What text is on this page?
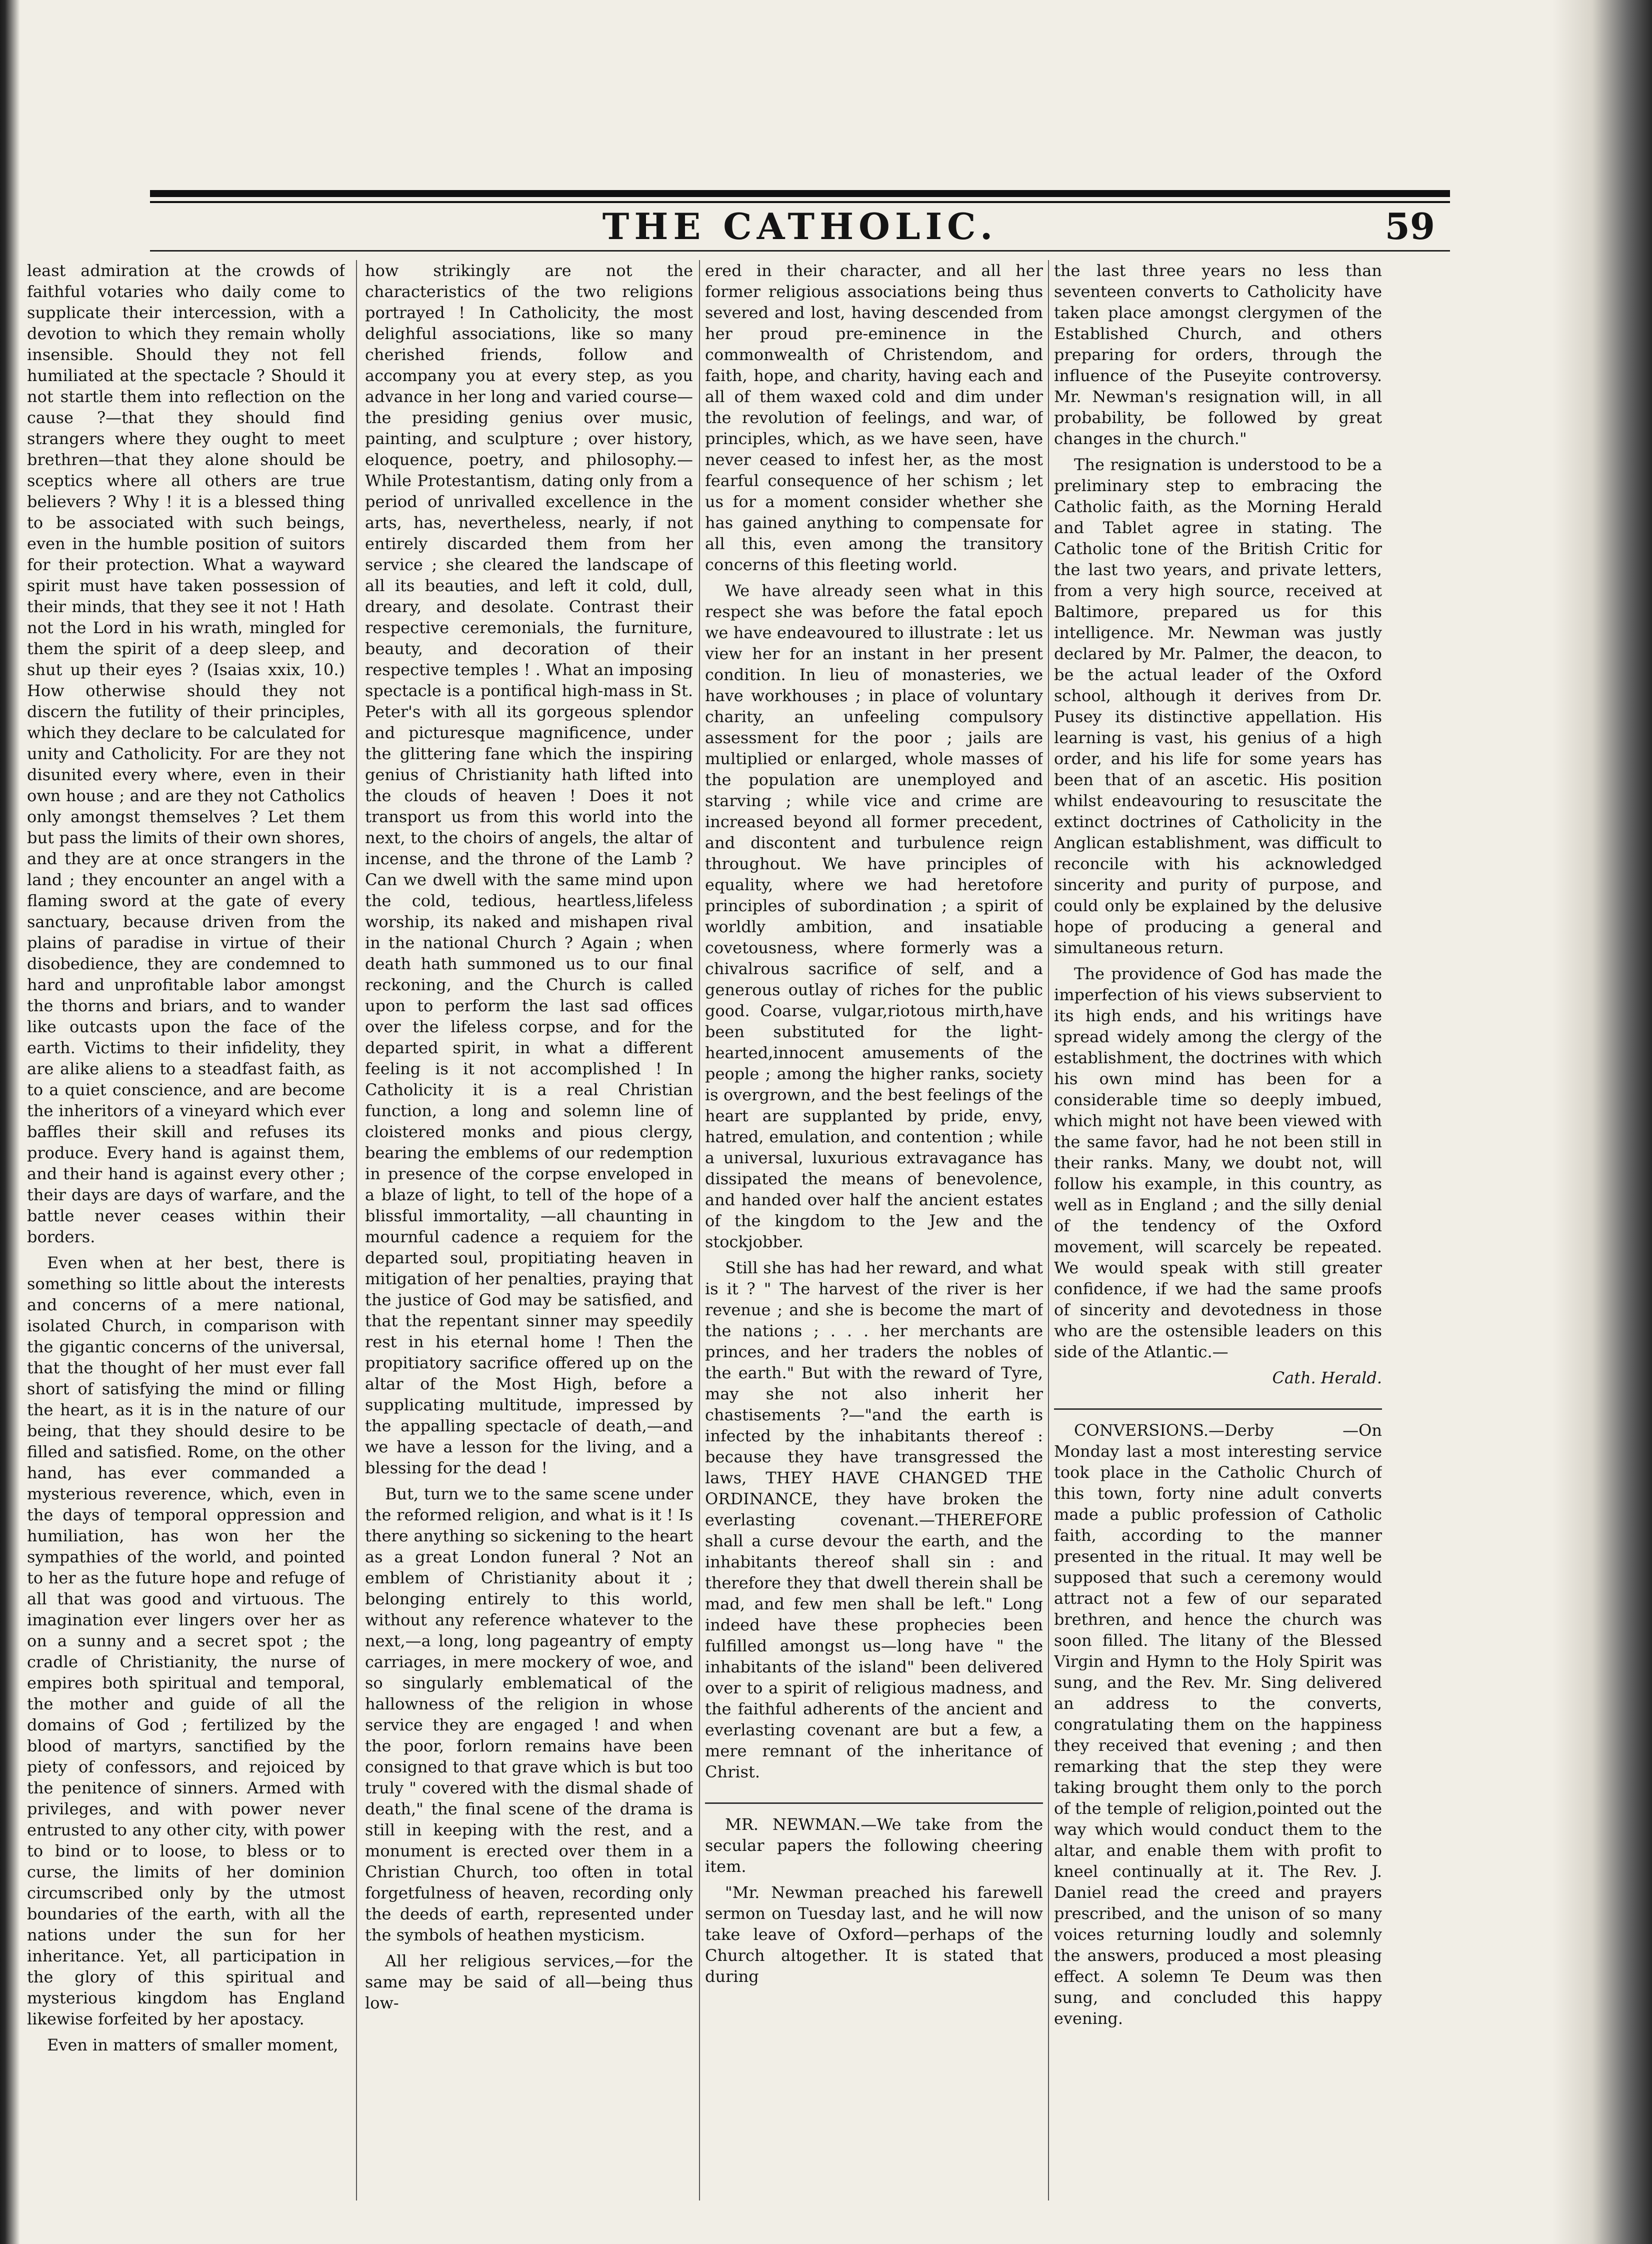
THE CATHOLIC.	59

least admiration at the crowds of faithful votaries who daily come to supplicate their intercession, with a devotion to which they remain wholly insensible. Should they not fell humiliated at the spectacle ? Should it not startle them into reflection on the cause ?—that they should find strangers where they ought to meet brethren—that they alone should be sceptics where all others are true believers ? Why ! it is a blessed thing to be associated with such beings, even in the humble position of suitors for their protection. What a wayward spirit must have taken possession of their minds, that they see it not ! Hath not the Lord in his wrath, mingled for them the spirit of a deep sleep, and shut up their eyes ? (Isaias xxix, 10.) How otherwise should they not discern the futility of their principles, which they declare to be calculated for unity and Catholicity. For are they not disunited every where, even in their own house ; and are they not Catholics only amongst themselves ? Let them but pass the limits of their own shores, and they are at once strangers in the land ; they encounter an angel with a flaming sword at the gate of every sanctuary, because driven from the plains of paradise in virtue of their disobedience, they are condemned to hard and unprofitable labor amongst the thorns and briars, and to wander like outcasts upon the face of the earth. Victims to their infidelity, they are alike aliens to a steadfast faith, as to a quiet conscience, and are become the inheritors of a vineyard which ever baffles their skill and refuses its produce. Every hand is against them, and their hand is against every other ; their days are days of warfare, and the battle never ceases within their borders.

Even when at her best, there is something so little about the interests and concerns of a mere national, isolated Church, in comparison with the gigantic concerns of the universal, that the thought of her must ever fall short of satisfying the mind or filling the heart, as it is in the nature of our being, that they should desire to be filled and satisfied. Rome, on the other hand, has ever commanded a mysterious reverence, which, even in the days of temporal oppression and humiliation, has won her the sympathies of the world, and pointed to her as the future hope and refuge of all that was good and virtuous. The imagination ever lingers over her as on a sunny and a secret spot ; the cradle of Christianity, the nurse of empires both spiritual and temporal, the mother and guide of all the domains of God ; fertilized by the blood of martyrs, sanctified by the piety of confessors, and rejoiced by the penitence of sinners. Armed with privileges, and with power never entrusted to any other city, with power to bind or to loose, to bless or to curse, the limits of her dominion circumscribed only by the utmost boundaries of the earth, with all the nations under the sun for her inheritance. Yet, all participation in the glory of this spiritual and mysterious kingdom has England likewise forfeited by her apostacy.

Even in matters of smaller moment,

how strikingly are not the characteristics of the two religions portrayed ! In Catholicity, the most delighful associations, like so many cherished friends, follow and accompany you at every step, as you advance in her long and varied course—the presiding genius over music, painting, and sculpture ; over history, eloquence, poetry, and philosophy.— While Protestantism, dating only from a period of unrivalled excellence in the arts, has, nevertheless, nearly, if not entirely discarded them from her service ; she cleared the landscape of all its beauties, and left it cold, dull, dreary, and desolate. Contrast their respective ceremonials, the furniture, beauty, and decoration of their respective temples ! . What an imposing spectacle is a pontifical high-mass in St. Peter's with all its gorgeous splendor and picturesque magnificence, under the glittering fane which the inspiring genius of Christianity hath lifted into the clouds of heaven ! Does it not transport us from this world into the next, to the choirs of angels, the altar of incense, and the throne of the Lamb ? Can we dwell with the same mind upon the cold, tedious, heartless,lifeless worship, its naked and mishapen rival in the national Church ? Again ; when death hath summoned us to our final reckoning, and the Church is called upon to perform the last sad offices over the lifeless corpse, and for the departed spirit, in what a different feeling is it not accomplished ! In Catholicity it is a real Christian function, a long and solemn line of cloistered monks and pious clergy, bearing the emblems of our redemption in presence of the corpse enveloped in a blaze of light, to tell of the hope of a blissful immortality, —all chaunting in mournful cadence a requiem for the departed soul, propitiating heaven in mitigation of her penalties, praying that the justice of God may be satisfied, and that the repentant sinner may speedily rest in his eternal home ! Then the propitiatory sacrifice offered up on the altar of the Most High, before a supplicating multitude, impressed by the appalling spectacle of death,—and we have a lesson for the living, and a blessing for the dead !

But, turn we to the same scene under the reformed religion, and what is it ! Is there anything so sickening to the heart as a great London funeral ? Not an emblem of Christianity about it ; belonging entirely to this world, without any reference whatever to the next,—a long, long pageantry of empty carriages, in mere mockery of woe, and so singularly emblematical of the hallowness of the religion in whose service they are engaged ! and when the poor, forlorn remains have been consigned to that grave which is but too truly " covered with the dismal shade of death," the final scene of the drama is still in keeping with the rest, and a monument is erected over them in a Christian Church, too often in total forgetfulness of heaven, recording only the deeds of earth, represented under the symbols of heathen mysticism.

All her religious services,—for the same may be said of all—being thus low-

ered in their character, and all her former religious associations being thus severed and lost, having descended from her proud pre-eminence in the commonwealth of Christendom, and faith, hope, and charity, having each and all of them waxed cold and dim under the revolution of feelings, and war, of principles, which, as we have seen, have never ceased to infest her, as the most fearful consequence of her schism ; let us for a moment consider whether she has gained anything to compensate for all this, even among the transitory concerns of this fleeting world.

We have already seen what in this respect she was before the fatal epoch we have endeavoured to illustrate : let us view her for an instant in her present condition. In lieu of monasteries, we have workhouses ; in place of voluntary charity, an unfeeling compulsory assessment for the poor ; jails are multiplied or enlarged, whole masses of the population are unemployed and starving ; while vice and crime are increased beyond all former precedent, and discontent and turbulence reign throughout. We have principles of equality, where we had heretofore principles of subordination ; a spirit of worldly ambition, and insatiable covetousness, where formerly was a chivalrous sacrifice of self, and a generous outlay of riches for the public good. Coarse, vulgar,riotous mirth,have been substituted for the light-hearted,innocent amusements of the people ; among the higher ranks, society is overgrown, and the best feelings of the heart are supplanted by pride, envy, hatred, emulation, and contention ; while a universal, luxurious extravagance has dissipated the means of benevolence, and handed over half the ancient estates of the kingdom to the Jew and the stockjobber.

Still she has had her reward, and what is it ? " The harvest of the river is her revenue ; and she is become the mart of the nations ; . . . her merchants are princes, and her traders the nobles of the earth." But with the reward of Tyre, may she not also inherit her chastisements ?—"and the earth is infected by the inhabitants thereof : because they have transgressed the laws, THEY HAVE CHANGED THE ORDINANCE, they have broken the everlasting covenant.—THEREFORE shall a curse devour the earth, and the inhabitants thereof shall sin : and therefore they that dwell therein shall be mad, and few men shall be left." Long indeed have these prophecies been fulfilled amongst us—long have " the inhabitants of the island" been delivered over to a spirit of religious madness, and the faithful adherents of the ancient and everlasting covenant are but a few, a mere remnant of the inheritance of Christ.

MR. NEWMAN.—We take from the secular papers the following cheering item.

"Mr. Newman preached his farewell sermon on Tuesday last, and he will now take leave of Oxford—perhaps of the Church altogether. It is stated that during

the last three years no less than seventeen converts to Catholicity have taken place amongst clergymen of the Established Church, and others preparing for orders, through the influence of the Puseyite controversy. Mr. Newman's resignation will, in all probability, be followed by great changes in the church."

The resignation is understood to be a preliminary step to embracing the Catholic faith, as the Morning Herald and Tablet agree in stating. The Catholic tone of the British Critic for the last two years, and private letters, from a very high source, received at Baltimore, prepared us for this intelligence. Mr. Newman was justly declared by Mr. Palmer, the deacon, to be the actual leader of the Oxford school, although it derives from Dr. Pusey its distinctive appellation. His learning is vast, his genius of a high order, and his life for some years has been that of an ascetic. His position whilst endeavouring to resuscitate the extinct doctrines of Catholicity in the Anglican establishment, was difficult to reconcile with his acknowledged sincerity and purity of purpose, and could only be explained by the delusive hope of producing a general and simultaneous return.

The providence of God has made the imperfection of his views subservient to its high ends, and his writings have spread widely among the clergy of the establishment, the doctrines with which his own mind has been for a considerable time so deeply imbued, which might not have been viewed with the same favor, had he not been still in their ranks. Many, we doubt not, will follow his example, in this country, as well as in England ; and the silly denial of the tendency of the Oxford movement, will scarcely be repeated. We would speak with still greater confidence, if we had the same proofs of sincerity and devotedness in those who are the ostensible leaders on this side of the Atlantic.—

Cath. Herald.

CONVERSIONS.—Derby —On Monday last a most interesting service took place in the Catholic Church of this town, forty nine adult converts made a public profession of Catholic faith, according to the manner presented in the ritual. It may well be supposed that such a ceremony would attract not a few of our separated brethren, and hence the church was soon filled. The litany of the Blessed Virgin and Hymn to the Holy Spirit was sung, and the Rev. Mr. Sing delivered an address to the converts, congratulating them on the happiness they received that evening ; and then remarking that the step they were taking brought them only to the porch of the temple of religion,pointed out the way which would conduct them to the altar, and enable them with profit to kneel continually at it. The Rev. J. Daniel read the creed and prayers prescribed, and the unison of so many voices returning loudly and solemnly the answers, produced a most pleasing effect. A solemn Te Deum was then sung, and concluded this happy evening.
